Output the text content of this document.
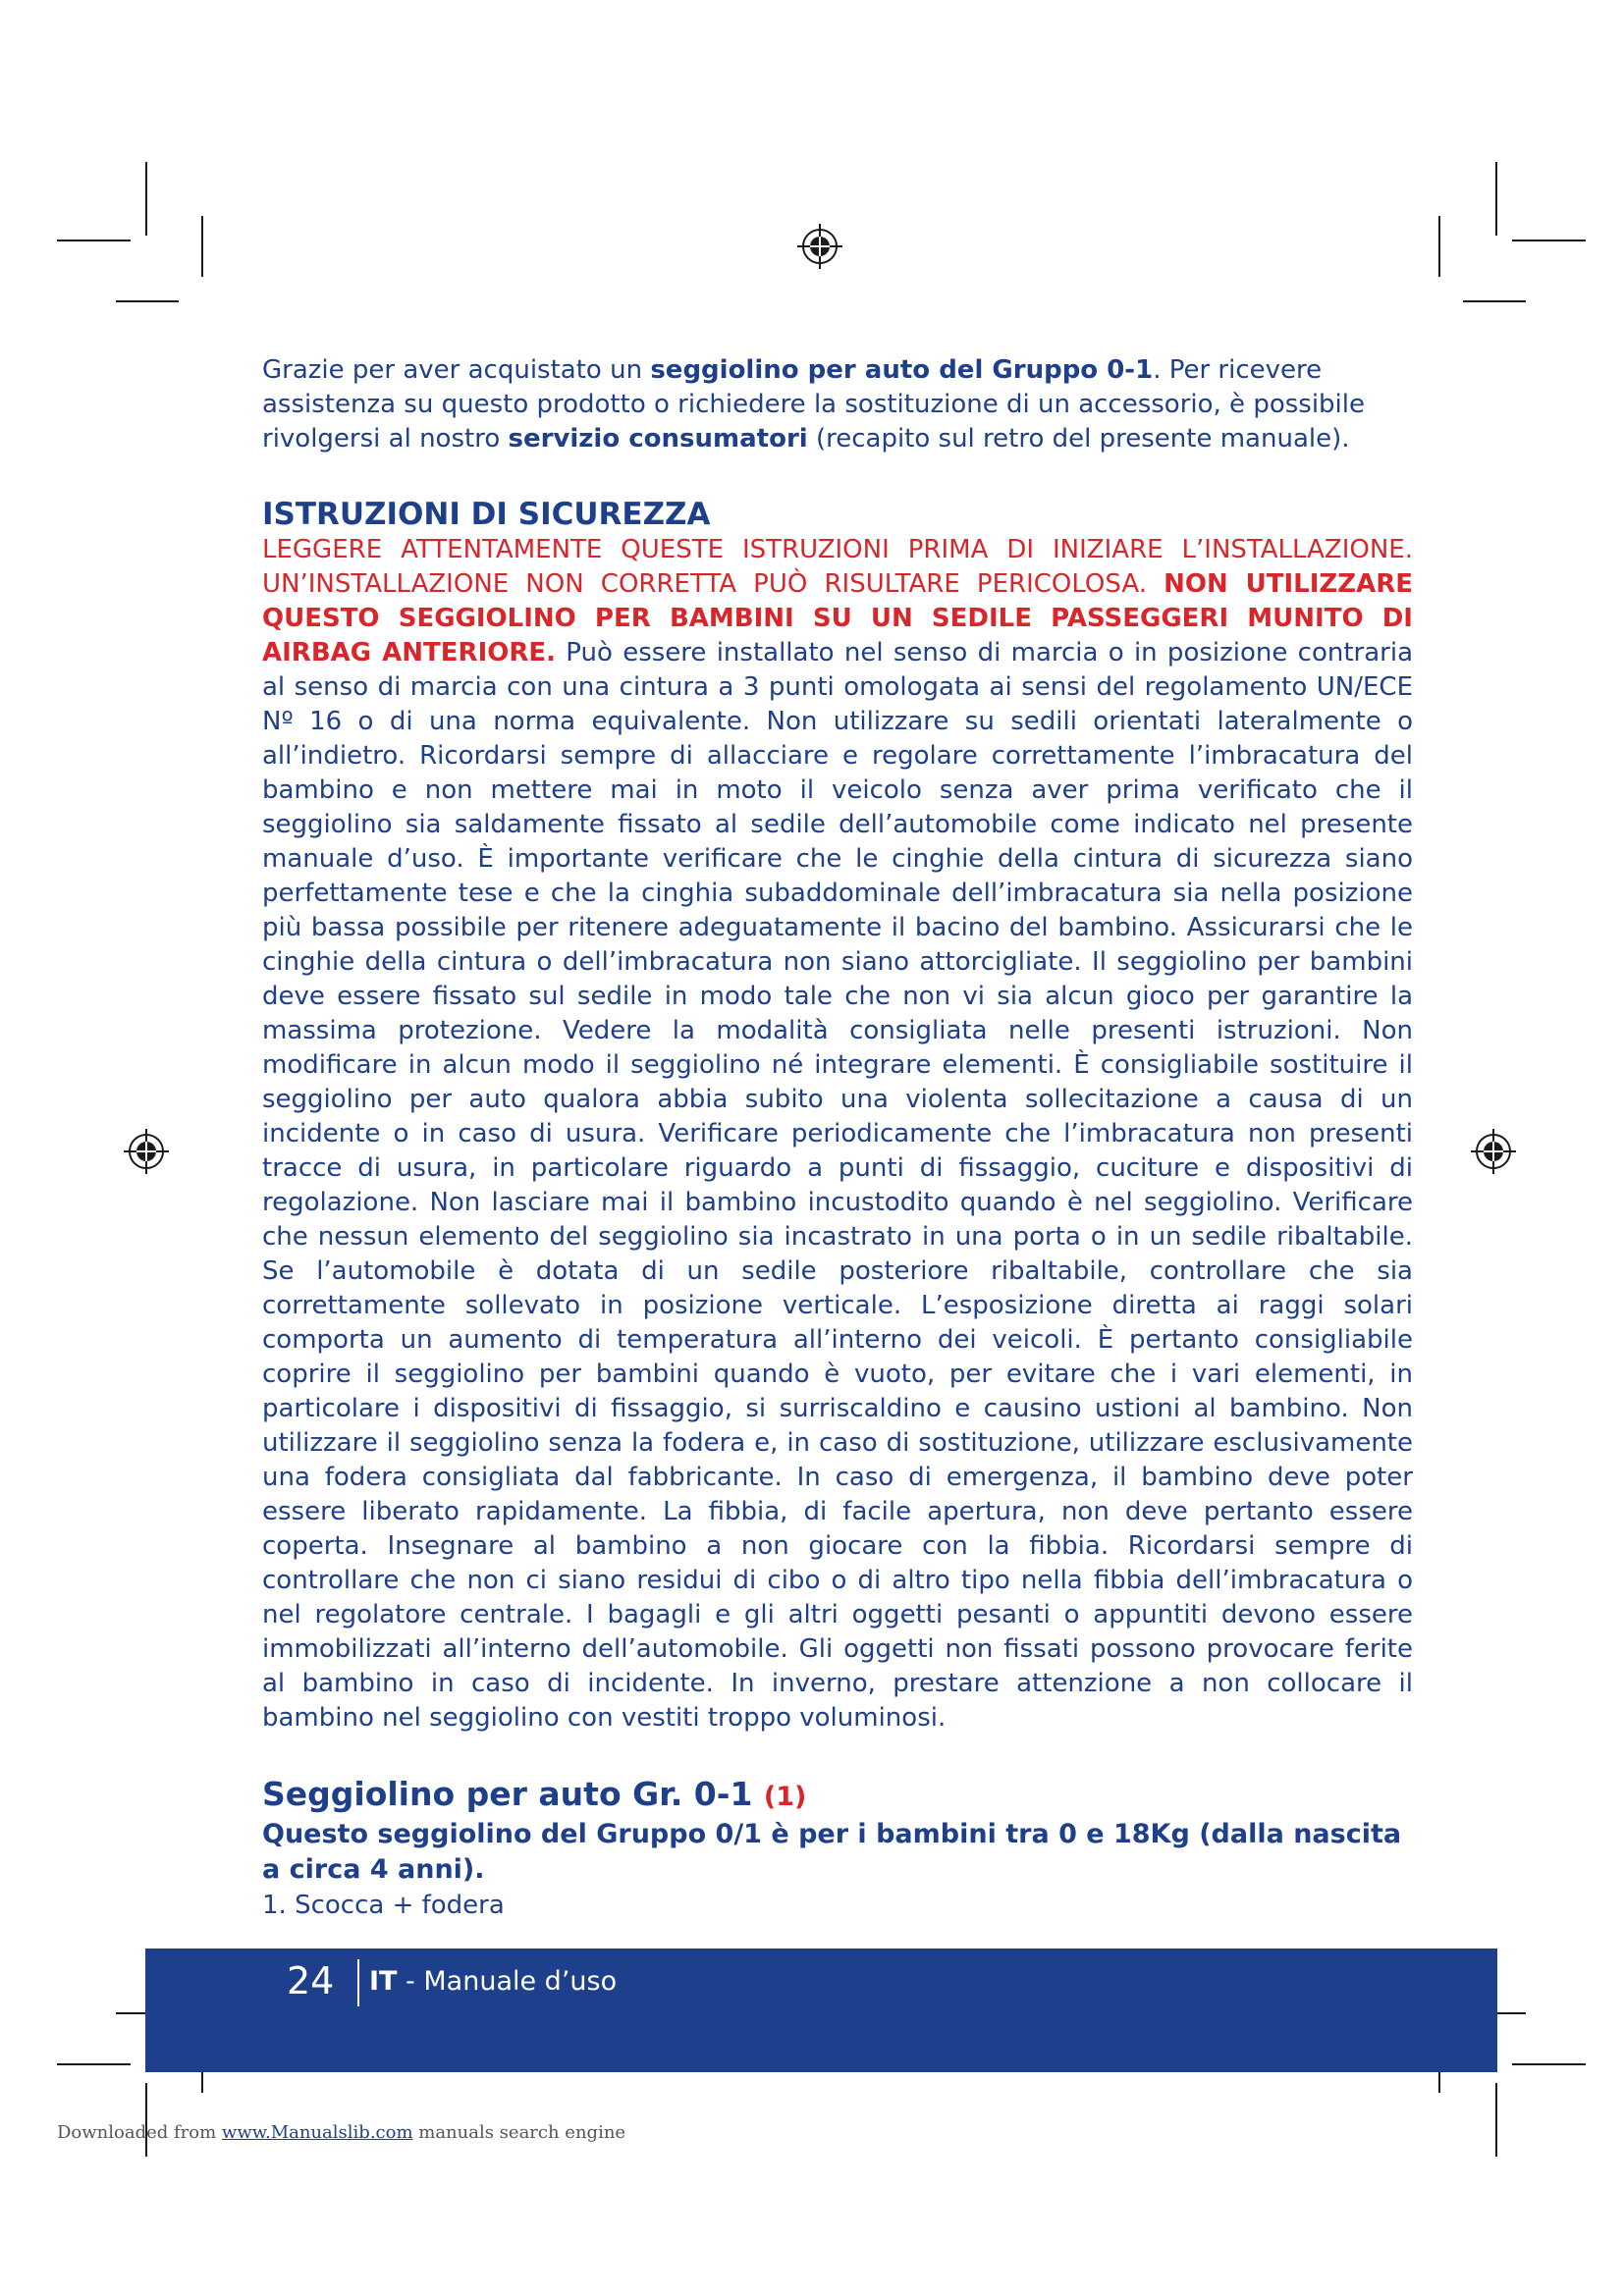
Grazie per aver acquistato un seggiolino per auto del Gruppo 0-1. Per ricevere assistenza su questo prodotto o richiedere la sostituzione di un accessorio, è possibile rivolgersi al nostro servizio consumatori (recapito sul retro del presente manuale).

ISTRUZIONI DI SICUREZZA

LEGGERE ATTENTAMENTE QUESTE ISTRUZIONI PRIMA DI INIZIARE L’INSTALLAZIONE. UN’INSTALLAZIONE NON CORRETTA PUÒ RISULTARE PERICOLOSA. NON UTILIZZARE QUESTO SEGGIOLINO PER BAMBINI SU UN SEDILE PASSEGGERI MUNITO DI AIRBAG ANTERIORE. Può essere installato nel senso di marcia o in posizione contraria al senso di marcia con una cintura a 3 punti omologata ai sensi del regolamento UN/ECE Nº 16 o di una norma equivalente. Non utilizzare su sedili orientati lateralmente o all’indietro. Ricordarsi sempre di allacciare e regolare correttamente l’imbracatura del bambino e non mettere mai in moto il veicolo senza aver prima verificato che il seggiolino sia saldamente fissato al sedile dell’automobile come indicato nel presente manuale d’uso. È importante verificare che le cinghie della cintura di sicurezza siano perfettamente tese e che la cinghia subaddominale dell’imbracatura sia nella posizione più bassa possibile per ritenere adeguatamente il bacino del bambino. Assicurarsi che le cinghie della cintura o dell’imbracatura non siano attorcigliate. Il seggiolino per bambini deve essere fissato sul sedile in modo tale che non vi sia alcun gioco per garantire la massima protezione. Vedere la modalità consigliata nelle presenti istruzioni. Non modificare in alcun modo il seggiolino né integrare elementi. È consigliabile sostituire il seggiolino per auto qualora abbia subito una violenta sollecitazione a causa di un incidente o in caso di usura. Verificare periodicamente che l’imbracatura non presenti tracce di usura, in particolare riguardo a punti di fissaggio, cuciture e dispositivi di regolazione. Non lasciare mai il bambino incustodito quando è nel seggiolino. Verificare che nessun elemento del seggiolino sia incastrato in una porta o in un sedile ribaltabile. Se l’automobile è dotata di un sedile posteriore ribaltabile, controllare che sia correttamente sollevato in posizione verticale. L’esposizione diretta ai raggi solari comporta un aumento di temperatura all’interno dei veicoli. È pertanto consigliabile coprire il seggiolino per bambini quando è vuoto, per evitare che i vari elementi, in particolare i dispositivi di fissaggio, si surriscaldino e causino ustioni al bambino. Non utilizzare il seggiolino senza la fodera e, in caso di sostituzione, utilizzare esclusivamente una fodera consigliata dal fabbricante. In caso di emergenza, il bambino deve poter essere liberato rapidamente. La fibbia, di facile apertura, non deve pertanto essere coperta. Insegnare al bambino a non giocare con la fibbia. Ricordarsi sempre di controllare che non ci siano residui di cibo o di altro tipo nella fibbia dell’imbracatura o nel regolatore centrale. I bagagli e gli altri oggetti pesanti o appuntiti devono essere immobilizzati all’interno dell’automobile. Gli oggetti non fissati possono provocare ferite al bambino in caso di incidente. In inverno, prestare attenzione a non collocare il bambino nel seggiolino con vestiti troppo voluminosi.

Seggiolino per auto Gr. 0-1 (1)

Questo seggiolino del Gruppo 0/1 è per i bambini tra 0 e 18Kg (dalla nascita a circa 4 anni).

1. Scocca + fodera

24 IT - Manuale d’uso
Downloaded from www.Manualslib.com manuals search engine
